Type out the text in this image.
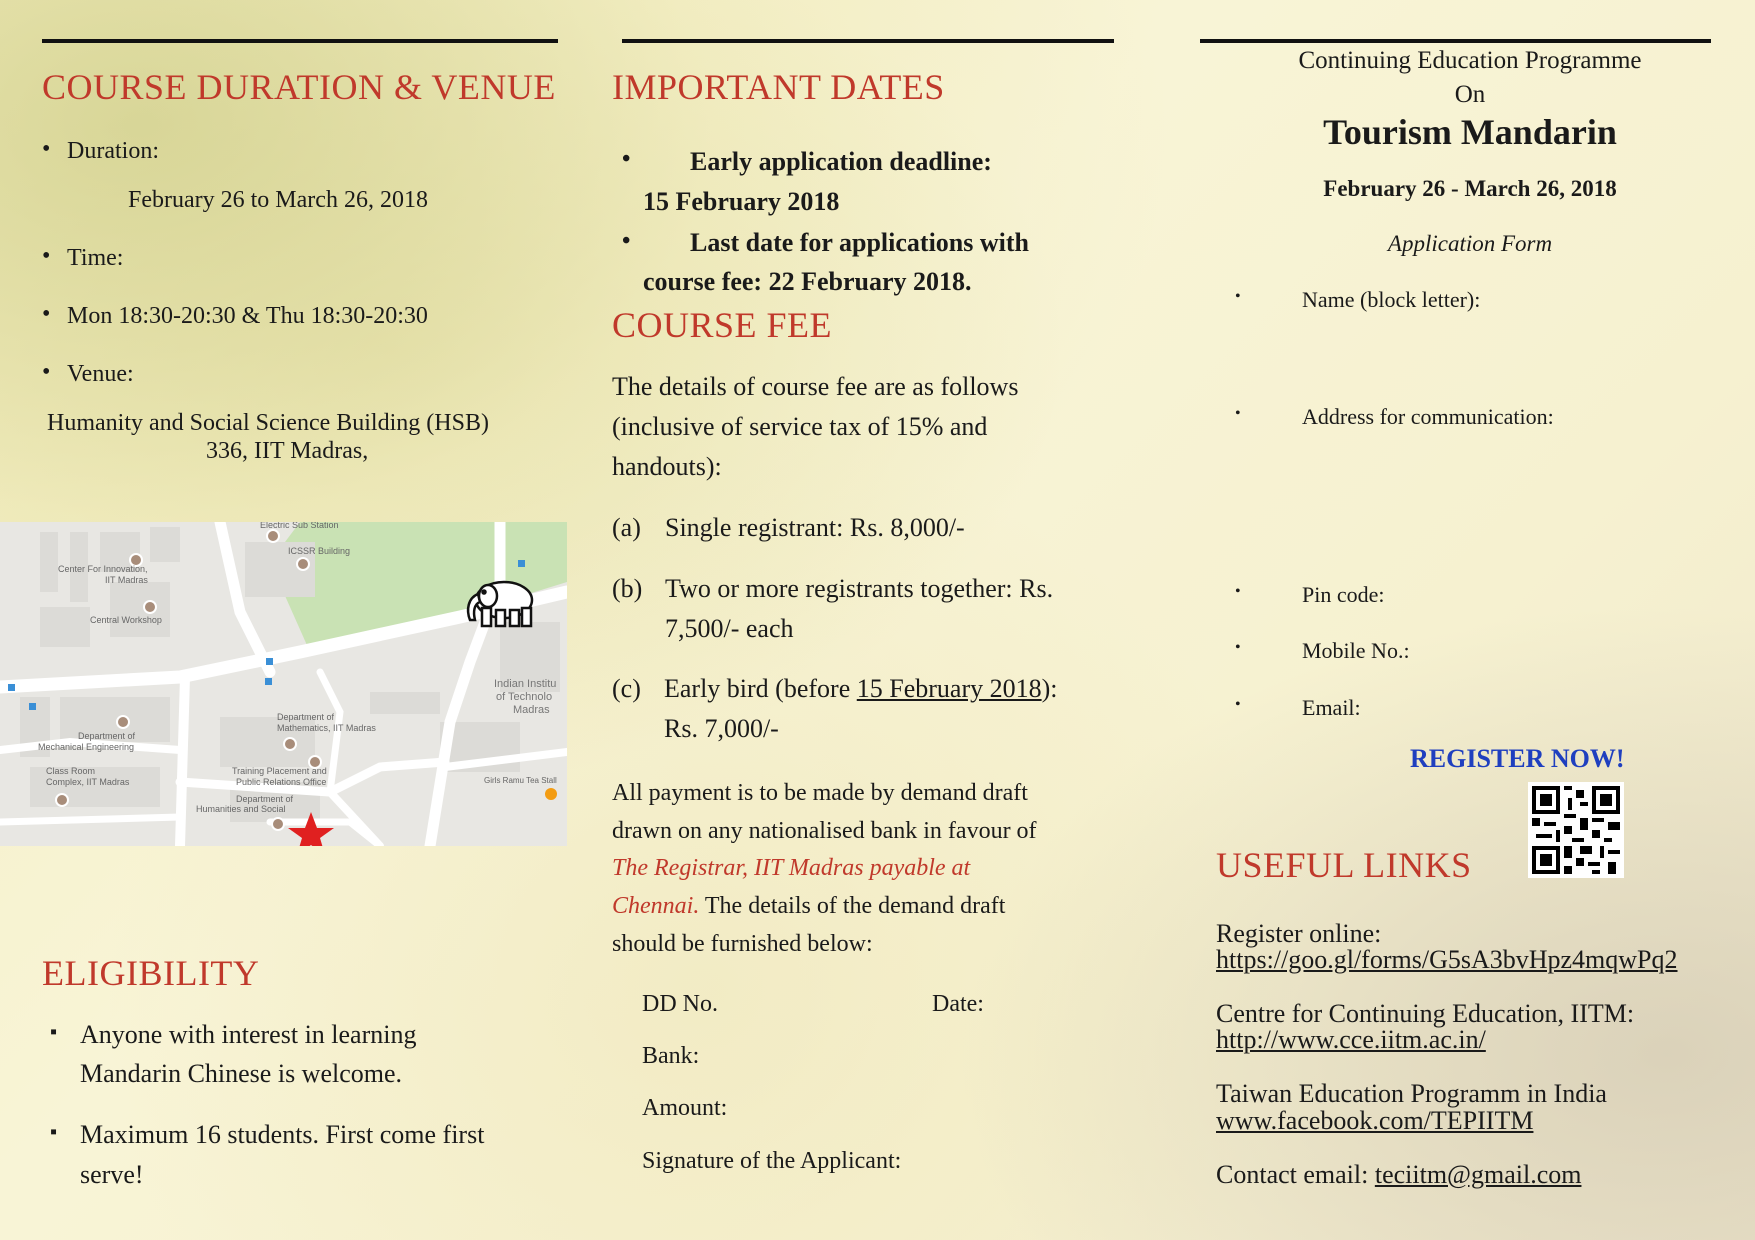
COURSE DURATION & VENUE
• Duration:
February 26 to March 26, 2018
• Time:
• Mon 18:30-20:30 & Thu 18:30-20:30
• Venue:
Humanity and Social Science Building (HSB)
336, IIT Madras,
Electric Sub Station
ICSSR Building
Center For Innovation,
IIT Madras
Central Workshop
Department of
Mathematics, IIT Madras
Department of
Mechanical Engineering
Class Room
Complex, IIT Madras
Training Placement and
Public Relations Office
Department of
Humanities and Social
Girls Ramu Tea Stall
Indian Institu
of Technolo
Madras
ELIGIBILITY
▪ Anyone with interest in learning
Mandarin Chinese is welcome.
▪ Maximum 16 students. First come first
serve!
IMPORTANT DATES
• Early application deadline:
15 February 2018
• Last date for applications with
course fee: 22 February 2018.
COURSE FEE
The details of course fee are as follows
(inclusive of service tax of 15% and
handouts):
(a) Single registrant: Rs. 8,000/-
(b) Two or more registrants together: Rs.
7,500/- each
(c) Early bird (before 15 February 2018):
Rs. 7,000/-
All payment is to be made by demand draft
drawn on any nationalised bank in favour of
The Registrar, IIT Madras payable at
Chennai. The details of the demand draft
should be furnished below:
DD No.	Date:
Bank:
Amount:
Signature of the Applicant:
Continuing Education Programme
On
Tourism Mandarin
February 26 - March 26, 2018
Application Form
•	Name (block letter):
•	Address for communication:
•	Pin code:
•	Mobile No.:
•	Email:
REGISTER NOW!
USEFUL LINKS
Register online:
https://goo.gl/forms/G5sA3bvHpz4mqwPq2
Centre for Continuing Education, IITM:
http://www.cce.iitm.ac.in/
Taiwan Education Programm in India
www.facebook.com/TEPIITM
Contact email: teciitm@gmail.com
